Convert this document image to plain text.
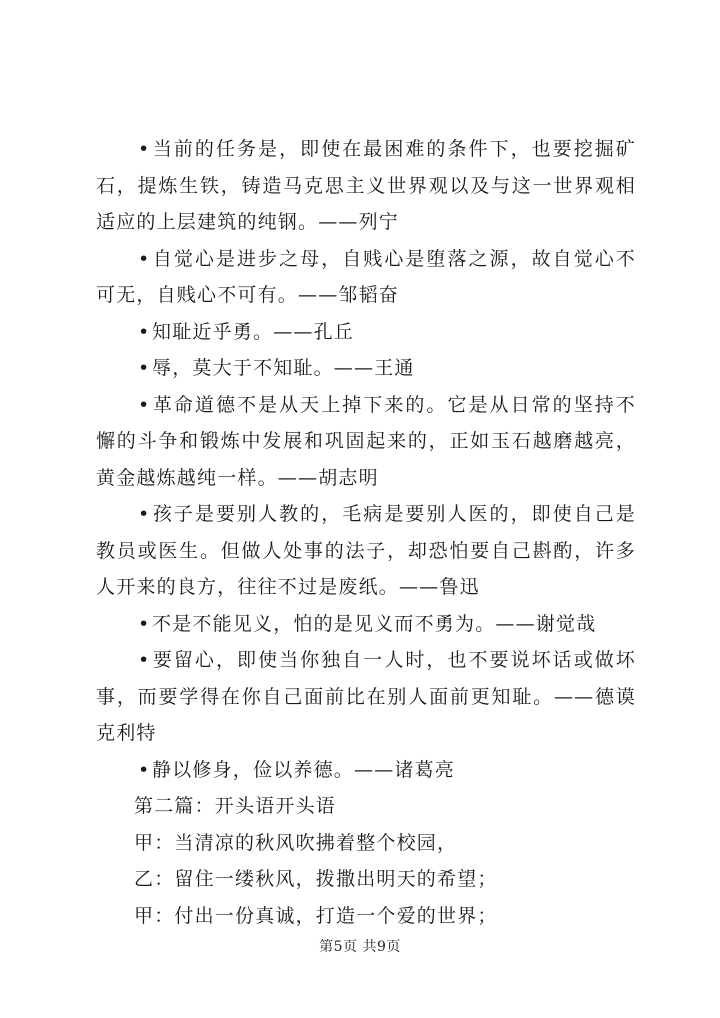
•当前的任务是，即使在最困难的条件下，也要挖掘矿石，提炼生铁，铸造马克思主义世界观以及与这一世界观相适应的上层建筑的纯钢。——列宁

•自觉心是进步之母，自贱心是堕落之源，故自觉心不可无，自贱心不可有。——邹韬奋

•知耻近乎勇。——孔丘

•辱，莫大于不知耻。——王通

•革命道德不是从天上掉下来的。它是从日常的坚持不懈的斗争和锻炼中发展和巩固起来的，正如玉石越磨越亮，黄金越炼越纯一样。——胡志明

•孩子是要别人教的，毛病是要别人医的，即使自己是教员或医生。但做人处事的法子，却恐怕要自己斟酌，许多人开来的良方，往往不过是废纸。——鲁迅

•不是不能见义，怕的是见义而不勇为。——谢觉哉

•要留心，即使当你独自一人时，也不要说坏话或做坏事，而要学得在你自己面前比在别人面前更知耻。——德谟克利特

•静以修身，俭以养德。——诸葛亮

第二篇：开头语开头语

甲：当清凉的秋风吹拂着整个校园，

乙：留住一缕秋风，拨撒出明天的希望；

甲：付出一份真诚，打造一个爱的世界；

第5页 共9页
